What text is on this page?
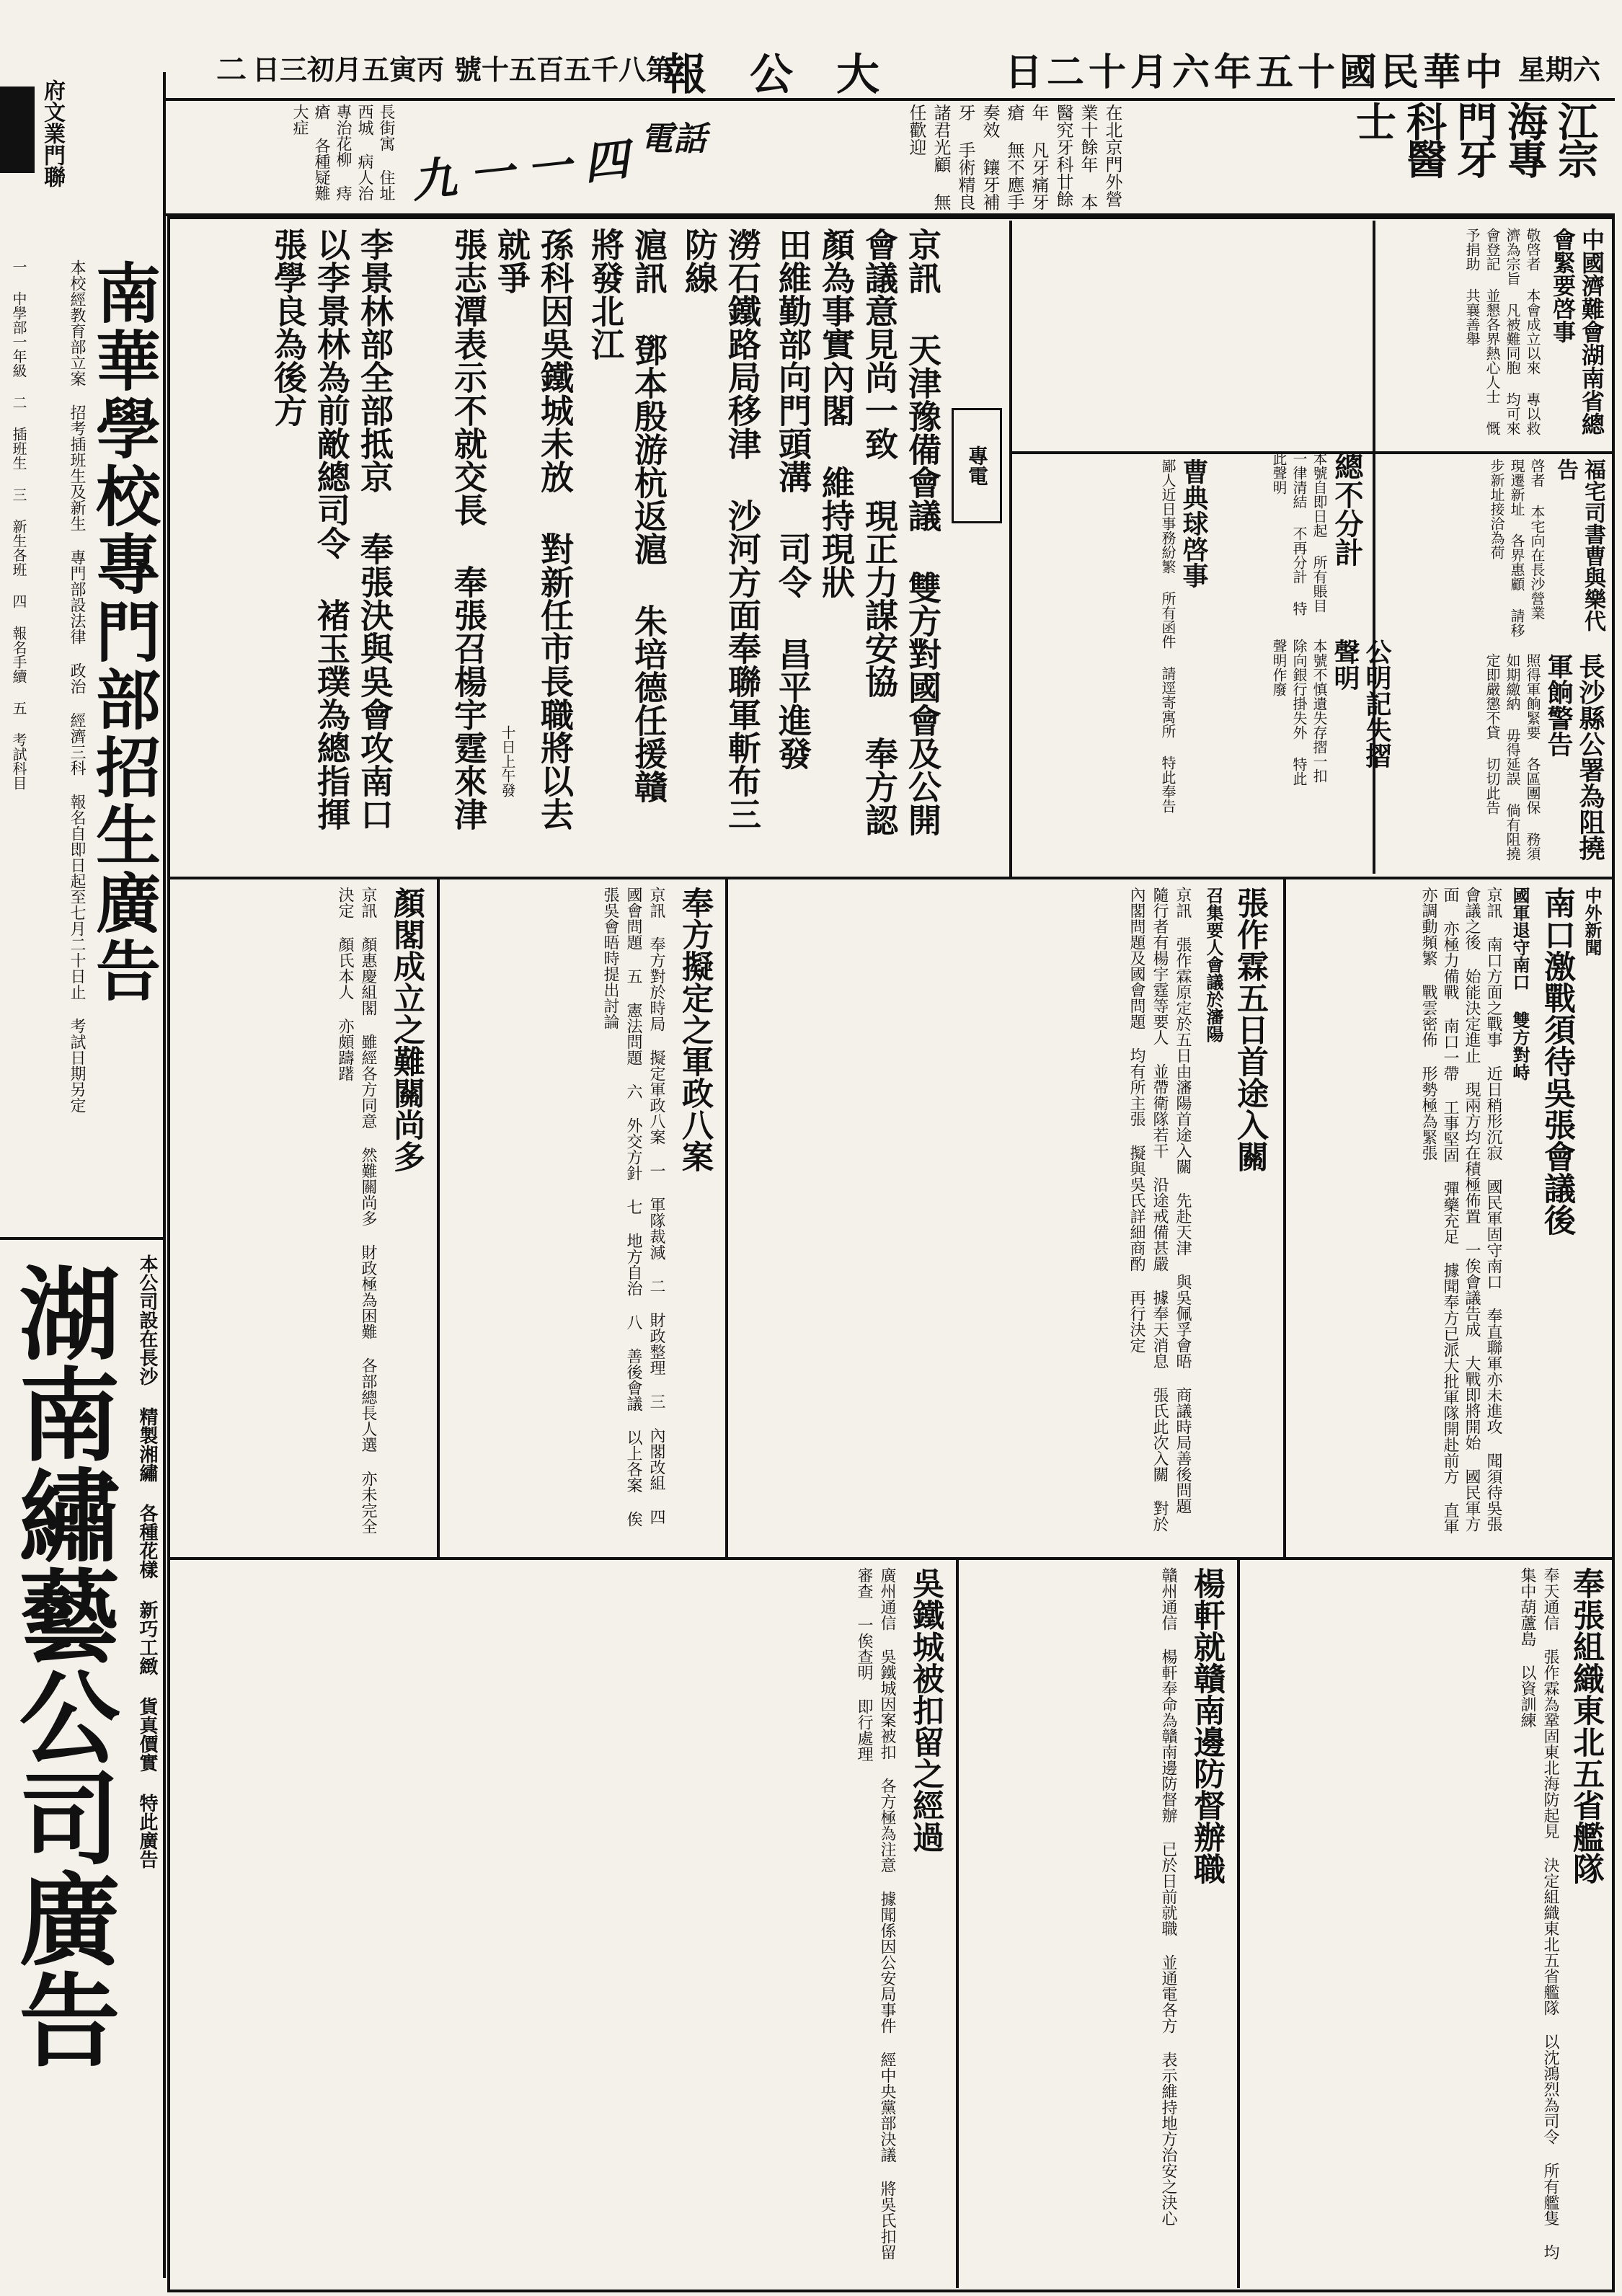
中華民國十五年六月十二日 星期六
大公報
第八千五百五十號
丙寅五月初三日
二
江宗海專門牙科醫士
在北京門外營業十餘年 本醫究牙科廿餘年 凡牙痛牙瘡 無不應手奏效 鑲牙補牙 手術精良 諸君光顧 無任歡迎
電話
九一一四
長街寓 住址西城 病人治 專治花柳 痔瘡 各種疑難大症
府文業門聯
南華學校專門部招生廣告
本校經教育部立案 招考插班生及新生 專門部設法律 政治 經濟三科 報名自即日起至七月二十日止 考試日期另定
一 中學部一年級 二 插班生 三 新生各班 四 報名手續 五 考試科目
本公司設在長沙 精製湘繡 各種花樣 新巧工緻 貨真價實 特此廣告
湖南繡藝公司廣告
中國濟難會湖南省總會緊要啓事
敬啓者 本會成立以來 專以救濟為宗旨 凡被難同胞 均可來會登記 並懇各界熱心人士 慨予捐助 共襄善舉
福宅司書曹與樂代告
啓者 本宅向在長沙營業 現遷新址 各界惠顧 請移步新址接洽為荷
長沙縣公署為阻撓軍餉警告
照得軍餉緊要 各區團保 務須如期繳納 毋得延誤 倘有阻撓 定即嚴懲不貸 切切此告
總不分計
本號自即日起 所有賬目 一律清結 不再分計 特此聲明
公明記失摺聲明
本號不慎遺失存摺一扣 除向銀行掛失外 特此聲明作廢
曹典球啓事
鄙人近日事務紛繁 所有函件 請逕寄寓所 特此奉告
專電
京訊 天津豫備會議 雙方對國會及公開會議意見尚一致 現正力謀安協 奉方認顏為事實內閣 維持現狀
田維勤部向門頭溝 司令 昌平進發
澇石鐵路局移津 沙河方面奉聯軍斬布三防線
滬訊 鄧本殷游杭返滬 朱培德任援贛 將發北江
孫科因吳鐵城未放 對新任市長職將以去就爭
十日上午發
張志潭表示不就交長 奉張召楊宇霆來津
李景林部全部抵京 奉張決與吳會攻南口 以李景林為前敵總司令 褚玉璞為總指揮 張學良為後方
中外新聞
南口激戰須待吳張會議後
國軍退守南口 雙方對峙
京訊 南口方面之戰事 近日稍形沉寂 國民軍固守南口 奉直聯軍亦未進攻 聞須待吳張會議之後 始能決定進止 現兩方均在積極佈置 一俟會議告成 大戰即將開始 國民軍方面 亦極力備戰 南口一帶 工事堅固 彈藥充足 據聞奉方已派大批軍隊開赴前方 直軍亦調動頻繁 戰雲密佈 形勢極為緊張
張作霖五日首途入關
召集要人會議於瀋陽
京訊 張作霖原定於五日由瀋陽首途入關 先赴天津 與吳佩孚會晤 商議時局善後問題 隨行者有楊宇霆等要人 並帶衛隊若干 沿途戒備甚嚴 據奉天消息 張氏此次入關 對於內閣問題及國會問題 均有所主張 擬與吳氏詳細商酌 再行決定
奉方擬定之軍政八案
京訊 奉方對於時局 擬定軍政八案 一 軍隊裁減 二 財政整理 三 內閣改組 四 國會問題 五 憲法問題 六 外交方針 七 地方自治 八 善後會議 以上各案 俟張吳會晤時提出討論
顏閣成立之難關尚多
京訊 顏惠慶組閣 雖經各方同意 然難關尚多 財政極為困難 各部總長人選 亦未完全決定 顏氏本人 亦頗躊躇
奉張組織東北五省艦隊
奉天通信 張作霖為鞏固東北海防起見 決定組織東北五省艦隊 以沈鴻烈為司令 所有艦隻 均集中葫蘆島 以資訓練
楊軒就贛南邊防督辦職
贛州通信 楊軒奉命為贛南邊防督辦 已於日前就職 並通電各方 表示維持地方治安之決心
吳鐵城被扣留之經過
廣州通信 吳鐵城因案被扣 各方極為注意 據聞係因公安局事件 經中央黨部決議 將吳氏扣留審查 一俟查明 即行處理
